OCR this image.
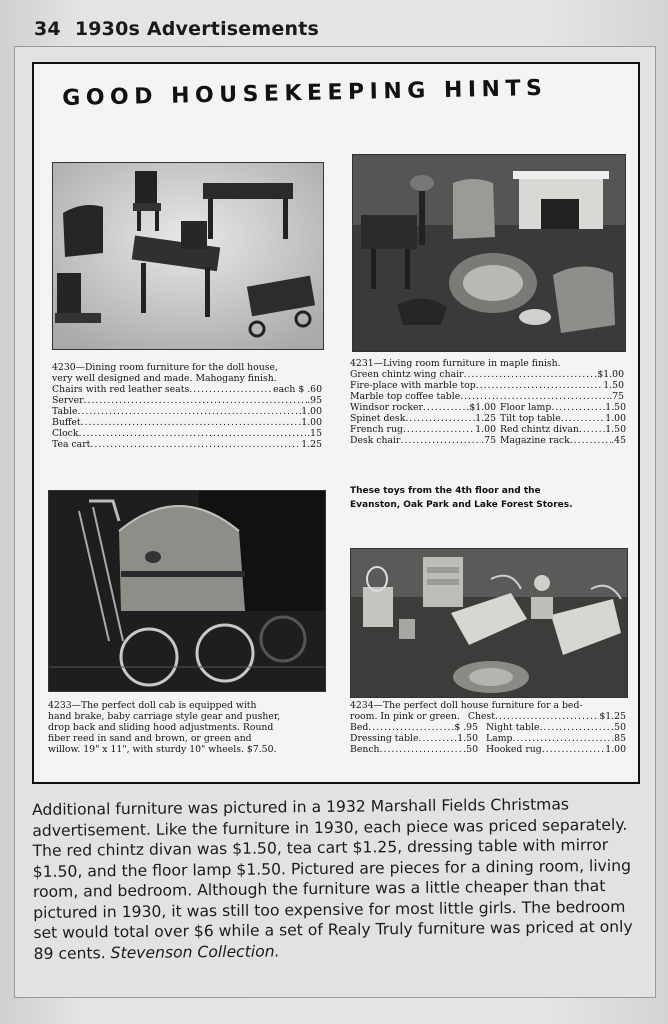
34 1930s Advertisements
GOOD HOUSEKEEPING HINTS
4230—Dining room furniture for the doll house,
very well designed and made. Mahogany finish.
Chairs with red leather seats .....	each $ .60
Server .....	.95
Table .....	1.00
Buffet .....	1.00
Clock .....	.15
Tea cart .....	1.25
4231—Living room furniture in maple finish.
Green chintz wing chair .....	$1.00
Fire-place with marble top .....	1.50
Marble top coffee table .....	.75
Windsor rocker .....	$1.00
Spinet desk .....	1.25
French rug .....	1.00
Desk chair .....	.75
Floor lamp .....	1.50
Tilt top table .....	1.00
Red chintz divan .....	1.50
Magazine rack .....	.45
These toys from the 4th floor and the
Evanston, Oak Park and Lake Forest Stores.
4233—The perfect doll cab is equipped with
hand brake, baby carriage style gear and pusher,
drop back and sliding hood adjustments. Round
fiber reed in sand and brown, or green and
willow. 19" x 11", with sturdy 10" wheels. $7.50.
4234—The perfect doll house furniture for a bed-
room. In pink or green. Chest .....	$1.25
Bed .....	$ .95
Dressing table .....	1.50
Bench .....	.50
Night table .....	.50
Lamp .....	.85
Hooked rug .....	1.00
Additional furniture was pictured in a 1932 Marshall Fields Christmas advertisement. Like the furniture in 1930, each piece was priced separately. The red chintz divan was $1.50, tea cart $1.25, dressing table with mirror $1.50, and the floor lamp $1.50. Pictured are pieces for a dining room, living room, and bedroom. Although the furniture was a little cheaper than that pictured in 1930, it was still too expensive for most little girls. The bedroom set would total over $6 while a set of Realy Truly furniture was priced at only 89 cents. Stevenson Collection.
